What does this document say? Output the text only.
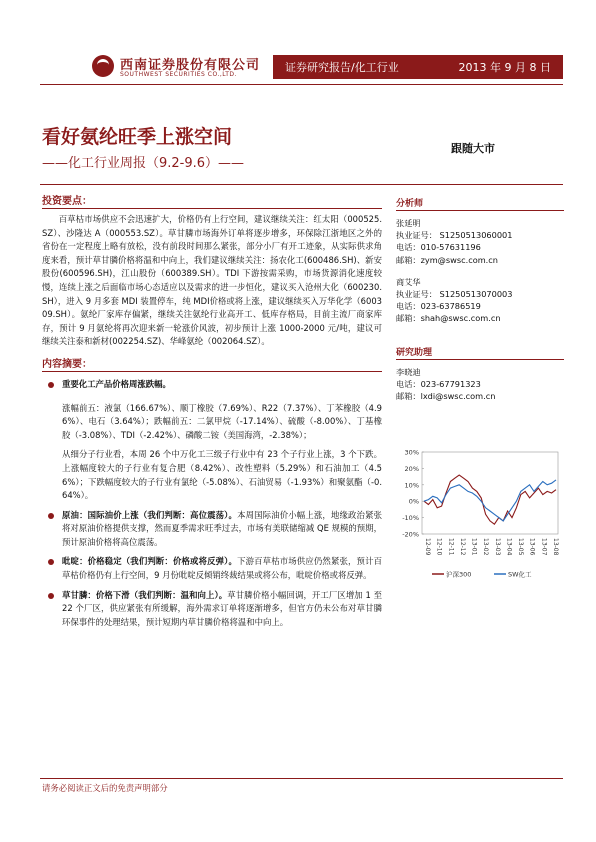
西南证券股份有限公司
SOUTHWEST SECURITIES CO.,LTD.
证券研究报告/化工行业	2013 年 9 月 8 日
看好氨纶旺季上涨空间
——化工行业周报（9.2-9.6）——
跟随大市
投资要点：

百草枯市场供应不会迅速扩大，价格仍有上行空间，建议继续关注：红太阳（000525.SZ）、沙隆达 A（000553.SZ）。草甘膦市场海外订单将逐步增多，环保除江浙地区之外的省份在一定程度上略有放松，没有前段时间那么紧张，部分小厂有开工迹象，从实际供求角度来看，预计草甘膦价格将温和中向上，我们建议继续关注：扬农化工(600486.SH)、新安股份(600596.SH)，江山股份（600389.SH）。TDI 下游按需采购，市场货源消化速度较慢，连续上涨之后面临市场心态适应以及需求的进一步恒化，建议买入沧州大化（600230.SH），进入 9 月多套 MDI 装置停车，纯 MDI价格或将上涨，建议继续买入万华化学（600309.SH）。氨纶厂家库存偏紧，继续关注氨纶行业高开工、低库存格局，目前主流厂商家库存，预计 9 月氨纶将再次迎来新一轮涨价风波，初步预计上涨 1000-2000 元/吨，建议可继续关注泰和新材(002254.SZ)、华峰氨纶（002064.SZ）。

内容摘要：

重要化工产品价格周涨跌幅。

涨幅前五：液氯（166.67%）、顺丁橡胶（7.69%）、R22（7.37%）、丁苯橡胶（4.96%）、电石（3.64%）；跌幅前五：二氯甲烷（-17.14%）、硫酸（-8.00%）、丁基橡胶（-3.08%）、TDI（-2.42%）、磷酸二铵（美国海湾，-2.38%）；

从细分子行业看，本周 26 个中万化工三级子行业中有 23 个子行业上涨，3 个下跌。上涨幅度较大的子行业有复合肥（8.42%）、改性塑料（5.29%）和石油加工（4.56%）；下跌幅度较大的子行业有氯纶（-5.08%）、石油贸易（-1.93%）和聚氨酯（-0.64%）。

原油：国际油价上涨（我们判断：高位震荡）。本周国际油价小幅上涨，地缘政治紧张将对原油价格提供支撑，然而夏季需求旺季过去，市场有美联储缩减 QE 规模的预期，预计原油价格将高位震荡。

吡啶：价格稳定（我们判断：价格或将反弹）。下游百草枯市场供应仍然紧张，预计百草枯价格仍有上行空间，9 月份吡啶反倾销终裁结果或将公布，吡啶价格或将反弹。

草甘膦：价格下滑（我们判断：温和向上）。草甘膦价格小幅回调，开工厂区增加 1 至 22 个厂区，供应紧张有所缓解，海外需求订单将逐渐增多，但官方仍未公布对草甘膦环保事件的处理结果，预计短期内草甘膦价格将温和中向上。

分析师
张延明
执业证号： S1250513060001
电话：010-57631196
邮箱：zym@swsc.com.cn
商艾华
执业证号： S1250513070003
电话：023-63786519
邮箱：shah@swsc.com.cn
研究助理
李晓迪
电话：023-67791323
邮箱：lxdi@swsc.com.cn
30%
20%
10%
0%
-10%
-20%
12-09 12-10 12-11 12-12 13-01 13-02 13-03 13-04 13-05 13-06 13-07 13-08
沪深300	SW化工
请务必阅读正文后的免责声明部分
